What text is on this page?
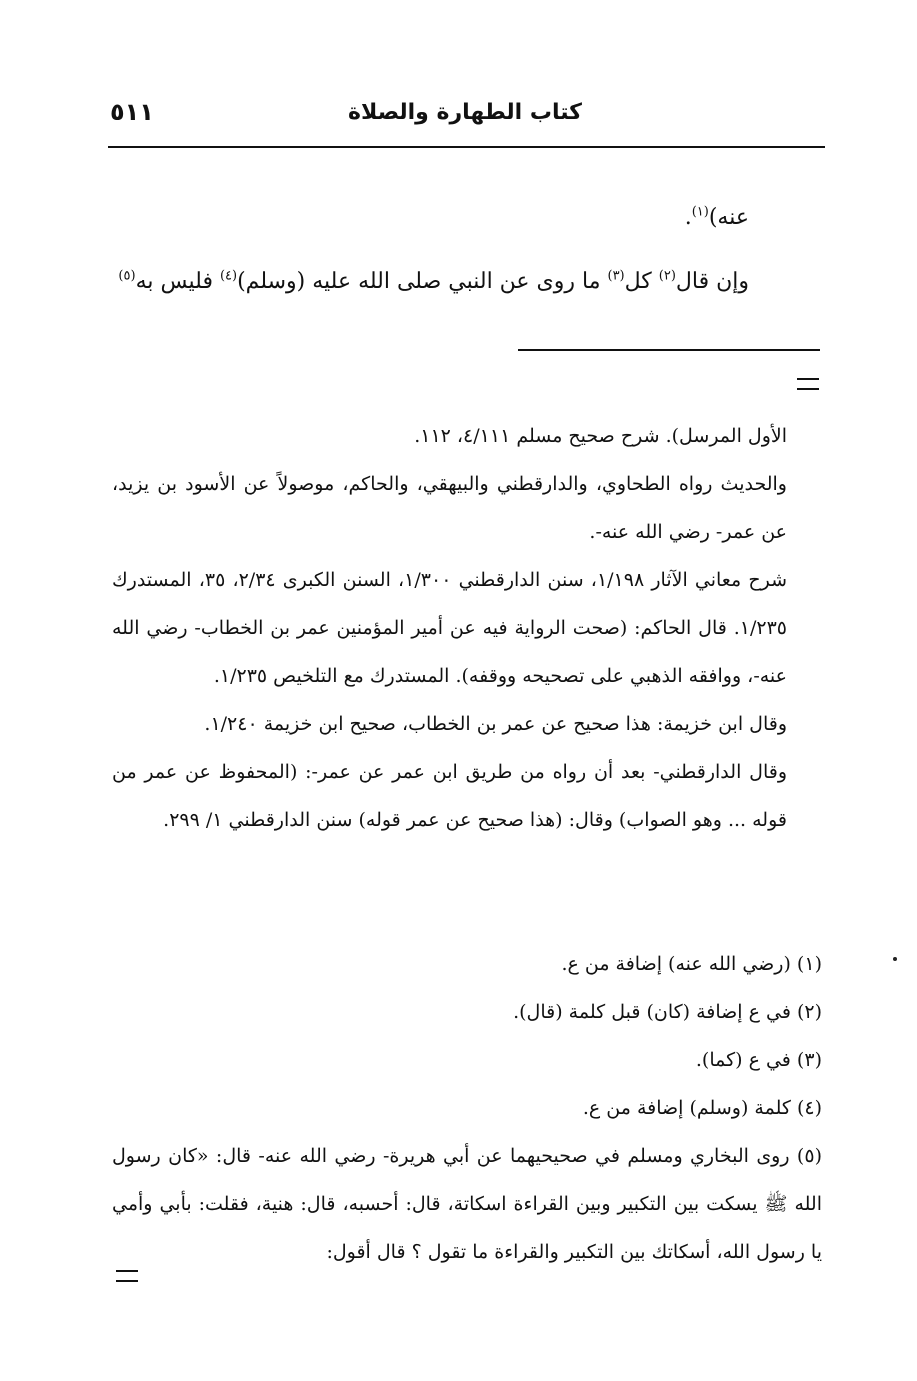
كتاب الطهارة والصلاة
٥١١

عنه)$^{(١)}$.

وإن قال$^{(٢)}$ كل$^{(٣)}$ ما روى عن النبي صلى الله عليه (وسلم)$^{(٤)}$ فليس به$^{(٥)}$

الأول المرسل). شرح صحيح مسلم ٤/١١١، ١١٢.

والحديث رواه الطحاوي، والدارقطني والبيهقي، والحاكم، موصولاً عن الأسود بن يزيد، عن عمر- رضي الله عنه-.

شرح معاني الآثار ١/١٩٨، سنن الدارقطني ١/٣٠٠، السنن الكبرى ٢/٣٤، ٣٥، المستدرك ١/٢٣٥. قال الحاكم: (صحت الرواية فيه عن أمير المؤمنين عمر بن الخطاب- رضي الله عنه-، ووافقه الذهبي على تصحيحه ووقفه). المستدرك مع التلخيص ١/٢٣٥.

وقال ابن خزيمة: هذا صحيح عن عمر بن الخطاب، صحيح ابن خزيمة ١/٢٤٠.

وقال الدارقطني- بعد أن رواه من طريق ابن عمر عن عمر-: (المحفوظ عن عمر من قوله ... وهو الصواب) وقال: (هذا صحيح عن عمر قوله) سنن الدارقطني ١/ ٢٩٩.

(١) (رضي الله عنه) إضافة من ع.

(٢) في ع إضافة (كان) قبل كلمة (قال).

(٣) في ع (كما).

(٤) كلمة (وسلم) إضافة من ع.

(٥) روى البخاري ومسلم في صحيحيهما عن أبي هريرة- رضي الله عنه- قال: «كان رسول الله ﷺ يسكت بين التكبير وبين القراءة اسكاتة، قال: أحسبه، قال: هنية، فقلت: بأبي وأمي يا رسول الله، أسكاتك بين التكبير والقراءة ما تقول ؟ قال أقول:
